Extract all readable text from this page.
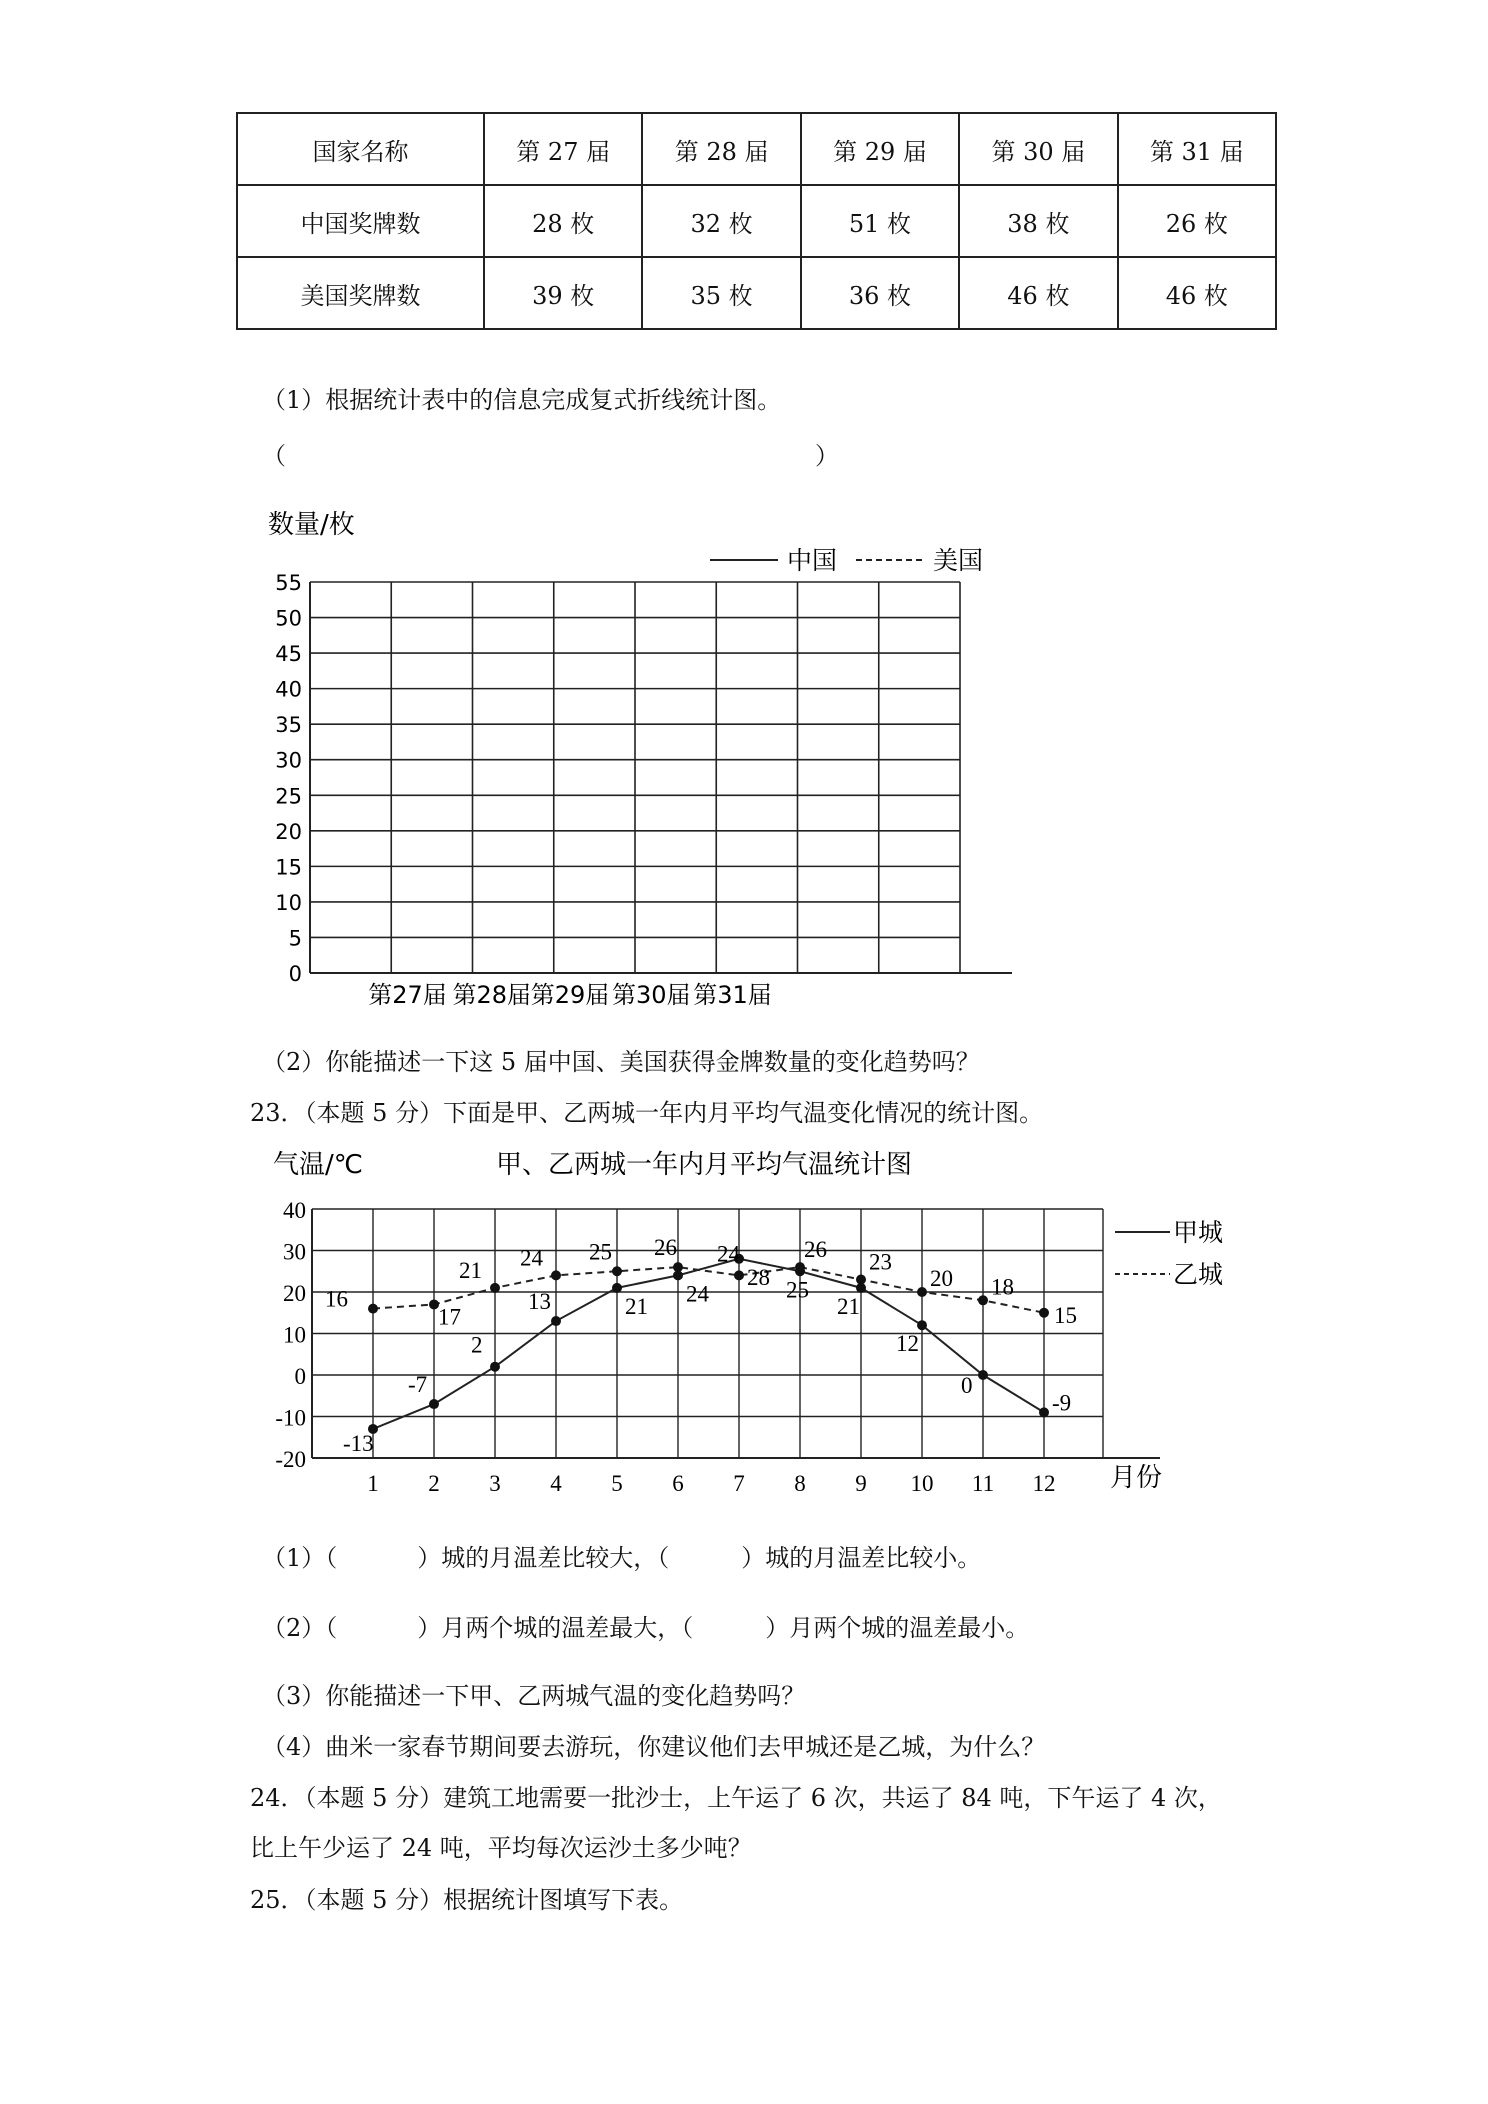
国家名称	第 27 届	第 28 届	第 29 届	第 30 届	第 31 届
中国奖牌数	28 枚	32 枚	51 枚	38 枚	26 枚
美国奖牌数	39 枚	35 枚	36 枚	46 枚	46 枚
（1）根据统计表中的信息完成复式折线统计图。
（	）
数量/枚
0
5
10
15
20
25
30
35
40
45
50
55
第27届 第28届 第29届 第30届 第31届
中国	美国
（2）你能描述一下这 5 届中国、美国获得金牌数量的变化趋势吗？
23．（本题 5 分）下面是甲、乙两城一年内月平均气温变化情况的统计图。
气温/℃	甲、乙两城一年内月平均气温统计图
月份
-20
-10
0
10
20
30
40
1 2 3 4 5 6 7 8 9 10 11 12
-13
-7
2
13	21 24
28 25
21
12
0
-9
16
17
21 24 25 26 24	26 23
20 18
15
甲城
乙城
（1）（	）城的月温差比较大，（	）城的月温差比较小。
（2）（	）月两个城的温差最大，（	）月两个城的温差最小。
（3）你能描述一下甲、乙两城气温的变化趋势吗？
（4）曲米一家春节期间要去游玩，你建议他们去甲城还是乙城，为什么？
24．（本题 5 分）建筑工地需要一批沙士，上午运了 6 次，共运了 84 吨，下午运了 4 次，
比上午少运了 24 吨，平均每次运沙土多少吨？
25．（本题 5 分）根据统计图填写下表。
